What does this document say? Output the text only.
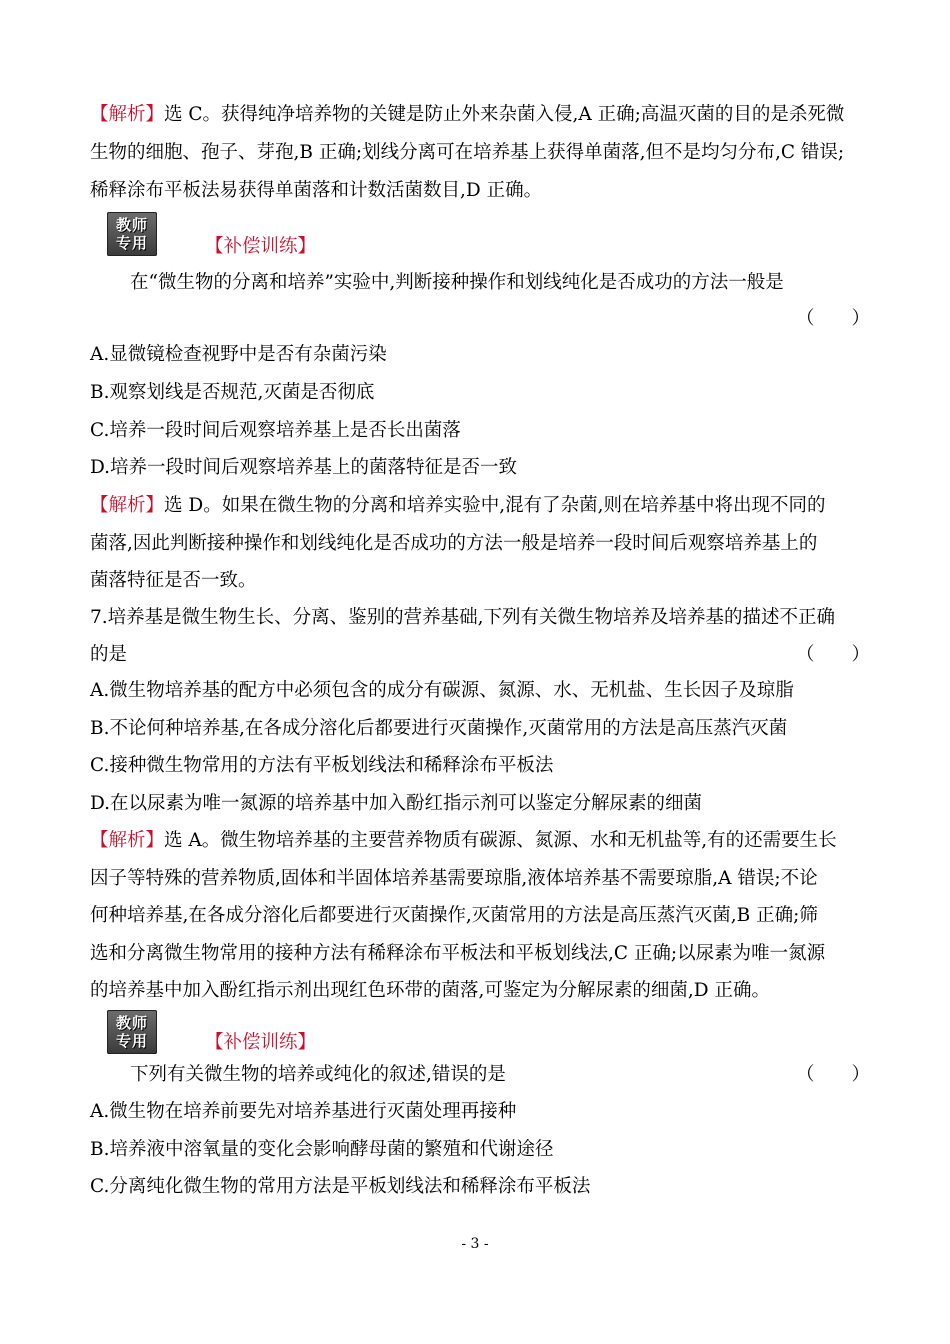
【解析】选 C。获得纯净培养物的关键是防止外来杂菌入侵,A 正确;高温灭菌的目的是杀死微
生物的细胞、孢子、芽孢,B 正确;划线分离可在培养基上获得单菌落,但不是均匀分布,C 错误;
稀释涂布平板法易获得单菌落和计数活菌数目,D 正确。
教师
专用	【补偿训练】
在“微生物的分离和培养”实验中,判断接种操作和划线纯化是否成功的方法一般是
（　　）
A.显微镜检查视野中是否有杂菌污染
B.观察划线是否规范,灭菌是否彻底
C.培养一段时间后观察培养基上是否长出菌落
D.培养一段时间后观察培养基上的菌落特征是否一致
【解析】选 D。如果在微生物的分离和培养实验中,混有了杂菌,则在培养基中将出现不同的
菌落,因此判断接种操作和划线纯化是否成功的方法一般是培养一段时间后观察培养基上的
菌落特征是否一致。
7.培养基是微生物生长、分离、鉴别的营养基础,下列有关微生物培养及培养基的描述不正确
的是	（　　）
A.微生物培养基的配方中必须包含的成分有碳源、氮源、水、无机盐、生长因子及琼脂
B.不论何种培养基,在各成分溶化后都要进行灭菌操作,灭菌常用的方法是高压蒸汽灭菌
C.接种微生物常用的方法有平板划线法和稀释涂布平板法
D.在以尿素为唯一氮源的培养基中加入酚红指示剂可以鉴定分解尿素的细菌
【解析】选 A。微生物培养基的主要营养物质有碳源、氮源、水和无机盐等,有的还需要生长
因子等特殊的营养物质,固体和半固体培养基需要琼脂,液体培养基不需要琼脂,A 错误;不论
何种培养基,在各成分溶化后都要进行灭菌操作,灭菌常用的方法是高压蒸汽灭菌,B 正确;筛
选和分离微生物常用的接种方法有稀释涂布平板法和平板划线法,C 正确;以尿素为唯一氮源
的培养基中加入酚红指示剂出现红色环带的菌落,可鉴定为分解尿素的细菌,D 正确。
教师
专用	【补偿训练】
下列有关微生物的培养或纯化的叙述,错误的是	（　　）
A.微生物在培养前要先对培养基进行灭菌处理再接种
B.培养液中溶氧量的变化会影响酵母菌的繁殖和代谢途径
C.分离纯化微生物的常用方法是平板划线法和稀释涂布平板法
- 3 -
